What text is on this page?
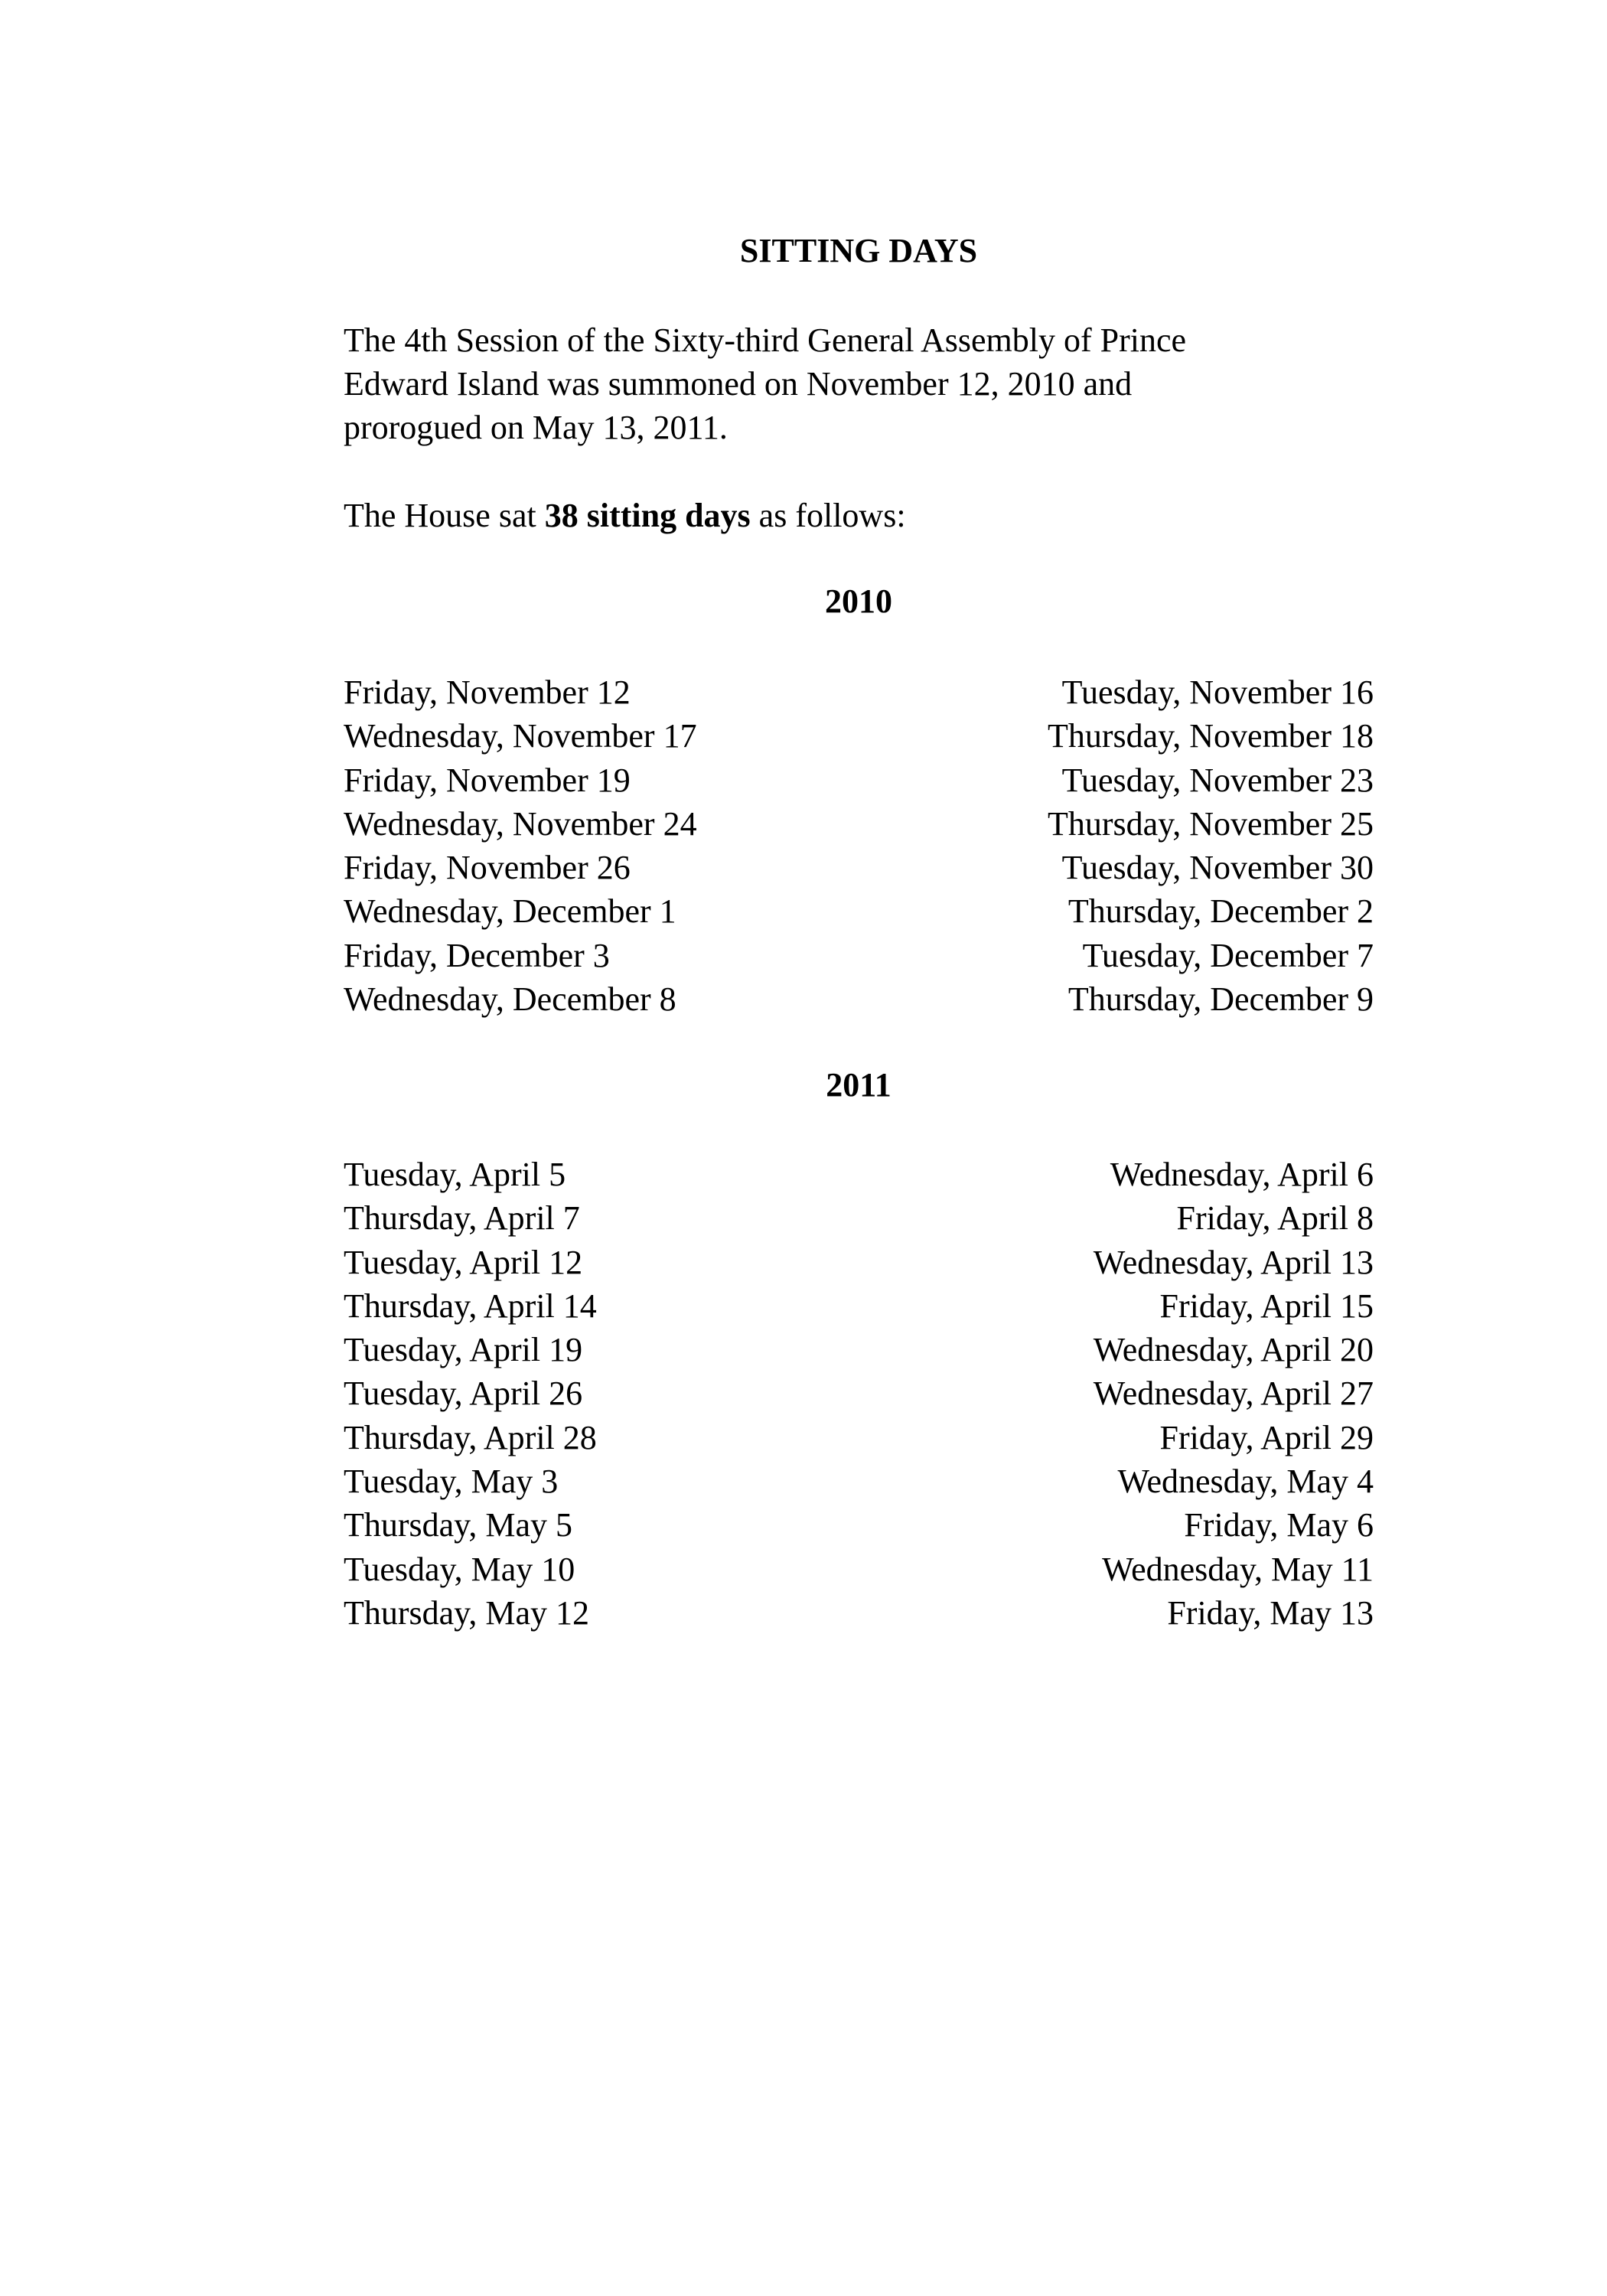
SITTING DAYS

The 4th Session of the Sixty-third General Assembly of Prince
Edward Island was summoned on November 12, 2010 and
prorogued on May 13, 2011.

The House sat 38 sitting days as follows:

2010
Friday, November 12	Tuesday, November 16
Wednesday, November 17	Thursday, November 18
Friday, November 19	Tuesday, November 23
Wednesday, November 24	Thursday, November 25
Friday, November 26	Tuesday, November 30
Wednesday, December 1	Thursday, December 2
Friday, December 3	Tuesday, December 7
Wednesday, December 8	Thursday, December 9
2011
Tuesday, April 5	Wednesday, April 6
Thursday, April 7	Friday, April 8
Tuesday, April 12	Wednesday, April 13
Thursday, April 14	Friday, April 15
Tuesday, April 19	Wednesday, April 20
Tuesday, April 26	Wednesday, April 27
Thursday, April 28	Friday, April 29
Tuesday, May 3	Wednesday, May 4
Thursday, May 5	Friday, May 6
Tuesday, May 10	Wednesday, May 11
Thursday, May 12	Friday, May 13
